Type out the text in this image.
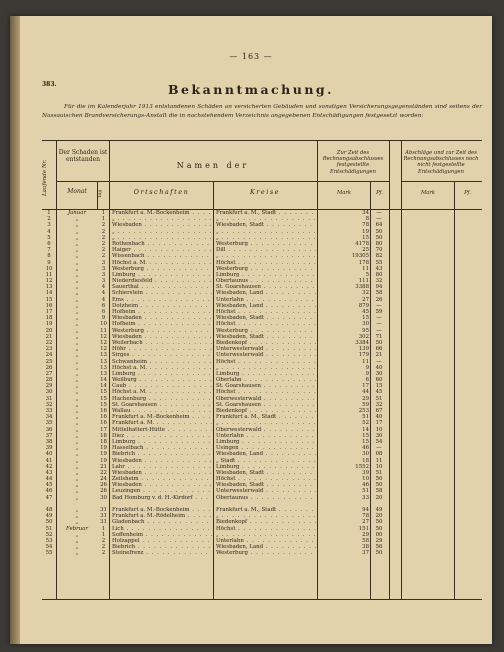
— 163 —
383.	Bekanntmachung.
Für die im Kalenderjahr 1913 entstandenen Schäden an versicherten Gebäuden und sonstigen Versicherungsgegenständen sind seitens der Nassauischen Brandversicherungs-Anstalt die in nachstehendem Verzeichnis angegebenen Entschädigungen festgesetzt worden:
Laufende Nr.
Der Schaden ist entstanden
Monat	Tag
Namen der
Ortschaften	Kreise
Zur Zeit des Rechnungsabschlusses festgestellte Entschädigungen
Mark	Pf.
Abschläge und zur Zeit des Rechnungsabschlusses noch nicht festgestellte Entschädigungen
Mark	Pf.
1	Januar	1	Frankfurt a. M.-Bockenheim . . .	Frankfurt a. M., Stadt . . .	34	—
2	„	1	„ . . .	„ . . .	8	—
3	„	2	Wiesbaden . . .	Wiesbaden, Stadt . . .	78	64
4	„	2	„ . . .	„ . . .	19	50
5	„	2	„ . . .	„ . . .	15	50
6	„	2	Rothenbach . . .	Westerburg . . .	4178	80
7	„	2	Haiger . . .	Dill . . .	25	70
8	„	2	Wissenbach . . .	„ . . .	19305	82
9	„	3	Höchst a. M. . . .	Höchst . . .	178	55
10	„	3	Westerburg . . .	Westerburg . . .	11	43
11	„	3	Limburg . . .	Limburg . . .	5	80
12	„	3	Niederdiesfeld . . .	Obertaunus . . .	111	32
13	„	4	Sauerthal . . .	St. Goarshausen . . .	3388	94
14	„	4	Schierstein . . .	Wiesbaden, Land . . .	32	58
15	„	4	Ems . . .	Unterlahn . . .	27	26
16	„	6	Dotzheim . . .	Wiesbaden, Land . . .	879	—
17	„	6	Hofheim . . .	Höchst . . .	45	59
18	„	9	Wiesbaden . . .	Wiesbaden, Stadt . . .	15	—
19	„	10 Hofheim . . .	Höchst . . .	30	—
20	„	11 Westerburg . . .	Westerburg . . .	95	—
21	„	12 Wiesbaden . . .	Wiesbaden, Stadt . . .	302	71
22	„	12 Weilerbach . . .	Biedenkopf . . .	3384	50
23	„	12 Höhr . . .	Unterwesterwald . . .	139	66
24	„	13 Sirges . . .	Unterwesterwald . . .	179	21
25	„	13 Schwanheim . . .	Höchst . . .	11	—
26	„	13 Höchst a. M. . . .	„ . . .	9	40
27	„	13 Limburg . . .	Limburg . . .	9	30
28	„	14 Weilburg . . .	Oberlahn . . .	6	60
29	„	14 Caub . . .	St. Goarshausen . . .	17	15
30	„	15 Höchst a. M. . . .	Höchst . . .	44	45
31	„	15 Hachenburg . . .	Oberwesterwald . . .	29	51
32	„	15 St. Goarshausen . . .	St. Goarshausen . . .	59	32
33	„	16 Wallau . . .	Biedenkopf . . .	253	67
34	„	16 Frankfurt a. M.-Bockenheim . . .	Frankfurt a. M., Stadt . . .	51	40
35	„	16 Frankfurt a. M. . . .	„ . . .	52	17
36	„	17 Mittelhattert-Hütte . . .	Oberwesterwald . . .	14	10
37	„	18 Diez . . .	Unterlahn . . .	15	30
38	„	18 Limburg . . .	Limburg . . .	15	54
39	„	19 Hasselbach . . .	Usingen . . .	46	—
40	„	19 Biebrich . . .	Wiesbaden, Land . . .	30	08
41	„	19 Wiesbaden . . .	„ Stadt . . .	18	11
42	„	21 Lahr . . .	Limburg . . .	1552	10
43	„	22 Wiesbaden . . .	Wiesbaden, Stadt . . .	39	51
44	„	24 Zeilsheim . . .	Höchst . . .	10	50
45	„	26 Wiesbaden . . .	Wiesbaden, Stadt . . .	46	50
46	„	26 Leuzingen . . .	Unterwesterwald . . .	51	58
47	„	30 Bad Homburg v. d. H.-Kirdorf . . .	Obertaunus . . .	33	20
48	„	31 Frankfurt a. M.-Bockenheim . . .	Frankfurt a. M., Stadt . . .	94	49
49	„	31 Frankfurt a. M.-Rödelheim . . .	„ . . .	78	20
50	„	31 Gladenbach . . .	Biedenkopf . . .	27	50
51	Februar	1	Lich . . .	Höchst . . .	151	50
52	„	1	Soffenheim . . .	„ . . .	29	00
53	„	2	Holzappel . . .	Unterlahn . . .	58	29
54	„	2	Biebrich . . .	Wiesbaden, Land . . .	38	56
55	„	2	Steinefrenz . . .	Westerburg . . .	37	50
